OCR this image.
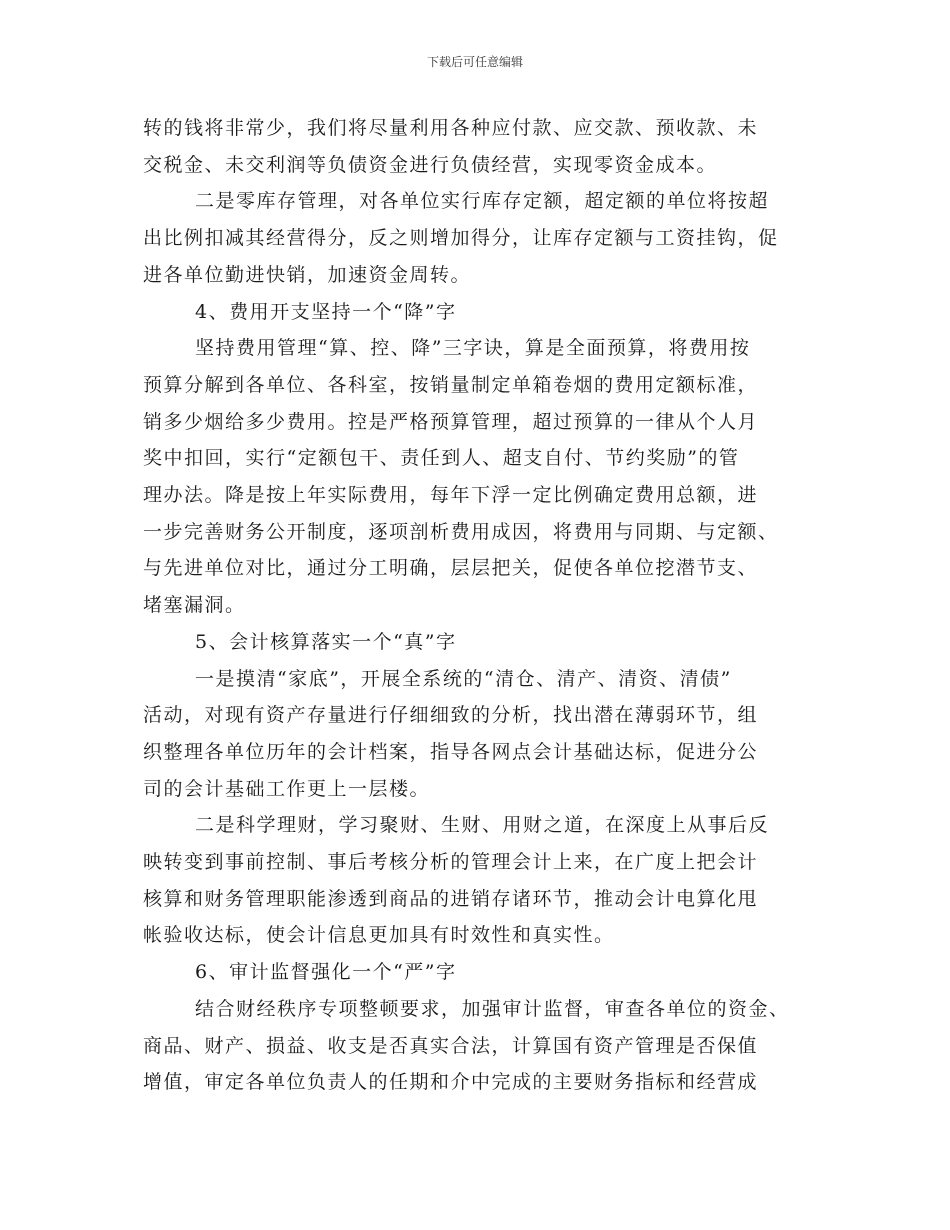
下载后可任意编辑
转的钱将非常少，我们将尽量利用各种应付款、应交款、预收款、未
交税金、未交利润等负债资金进行负债经营，实现零资金成本。
二是零库存管理，对各单位实行库存定额，超定额的单位将按超
出比例扣减其经营得分，反之则增加得分，让库存定额与工资挂钩，促
进各单位勤进快销，加速资金周转。
4、费用开支坚持一个“降”字
坚持费用管理“算、控、降”三字诀，算是全面预算，将费用按
预算分解到各单位、各科室，按销量制定单箱卷烟的费用定额标准，
销多少烟给多少费用。控是严格预算管理，超过预算的一律从个人月
奖中扣回，实行“定额包干、责任到人、超支自付、节约奖励”的管
理办法。降是按上年实际费用，每年下浮一定比例确定费用总额，进
一步完善财务公开制度，逐项剖析费用成因，将费用与同期、与定额、
与先进单位对比，通过分工明确，层层把关，促使各单位挖潜节支、
堵塞漏洞。
5、会计核算落实一个“真”字
一是摸清“家底”，开展全系统的“清仓、清产、清资、清债”
活动，对现有资产存量进行仔细细致的分析，找出潜在薄弱环节，组
织整理各单位历年的会计档案，指导各网点会计基础达标，促进分公
司的会计基础工作更上一层楼。
二是科学理财，学习聚财、生财、用财之道，在深度上从事后反
映转变到事前控制、事后考核分析的管理会计上来，在广度上把会计
核算和财务管理职能渗透到商品的进销存诸环节，推动会计电算化甩
帐验收达标，使会计信息更加具有时效性和真实性。
6、审计监督强化一个“严”字
结合财经秩序专项整顿要求，加强审计监督，审查各单位的资金、
商品、财产、损益、收支是否真实合法，计算国有资产管理是否保值
增值，审定各单位负责人的任期和介中完成的主要财务指标和经营成
